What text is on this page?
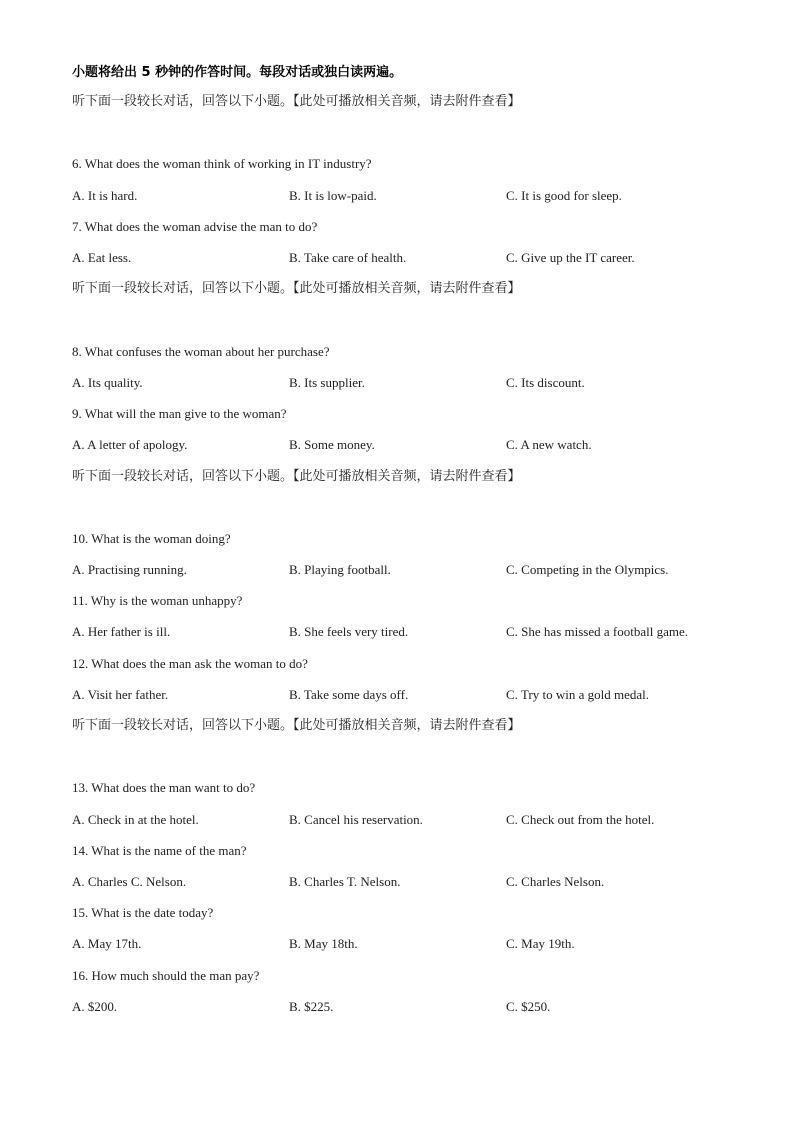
小题将给出 5 秒钟的作答时间。每段对话或独白读两遍。
听下面一段较长对话，回答以下小题。【此处可播放相关音频，请去附件查看】
6. What does the woman think of working in IT industry?
A. It is hard.	B. It is low-paid.	C. It is good for sleep.
7. What does the woman advise the man to do?
A. Eat less.	B. Take care of health.	C. Give up the IT career.
听下面一段较长对话，回答以下小题。【此处可播放相关音频，请去附件查看】
8. What confuses the woman about her purchase?
A. Its quality.	B. Its supplier.	C. Its discount.
9. What will the man give to the woman?
A. A letter of apology.	B. Some money.	C. A new watch.
听下面一段较长对话，回答以下小题。【此处可播放相关音频，请去附件查看】
10. What is the woman doing?
A. Practising running.	B. Playing football.	C. Competing in the Olympics.
11. Why is the woman unhappy?
A. Her father is ill.	B. She feels very tired.	C. She has missed a football game.
12. What does the man ask the woman to do?
A. Visit her father.	B. Take some days off.	C. Try to win a gold medal.
听下面一段较长对话，回答以下小题。【此处可播放相关音频，请去附件查看】
13. What does the man want to do?
A. Check in at the hotel.	B. Cancel his reservation.	C. Check out from the hotel.
14. What is the name of the man?
A. Charles C. Nelson.	B. Charles T. Nelson.	C. Charles Nelson.
15. What is the date today?
A. May 17th.	B. May 18th.	C. May 19th.
16. How much should the man pay?
A. $200.	B. $225.	C. $250.
